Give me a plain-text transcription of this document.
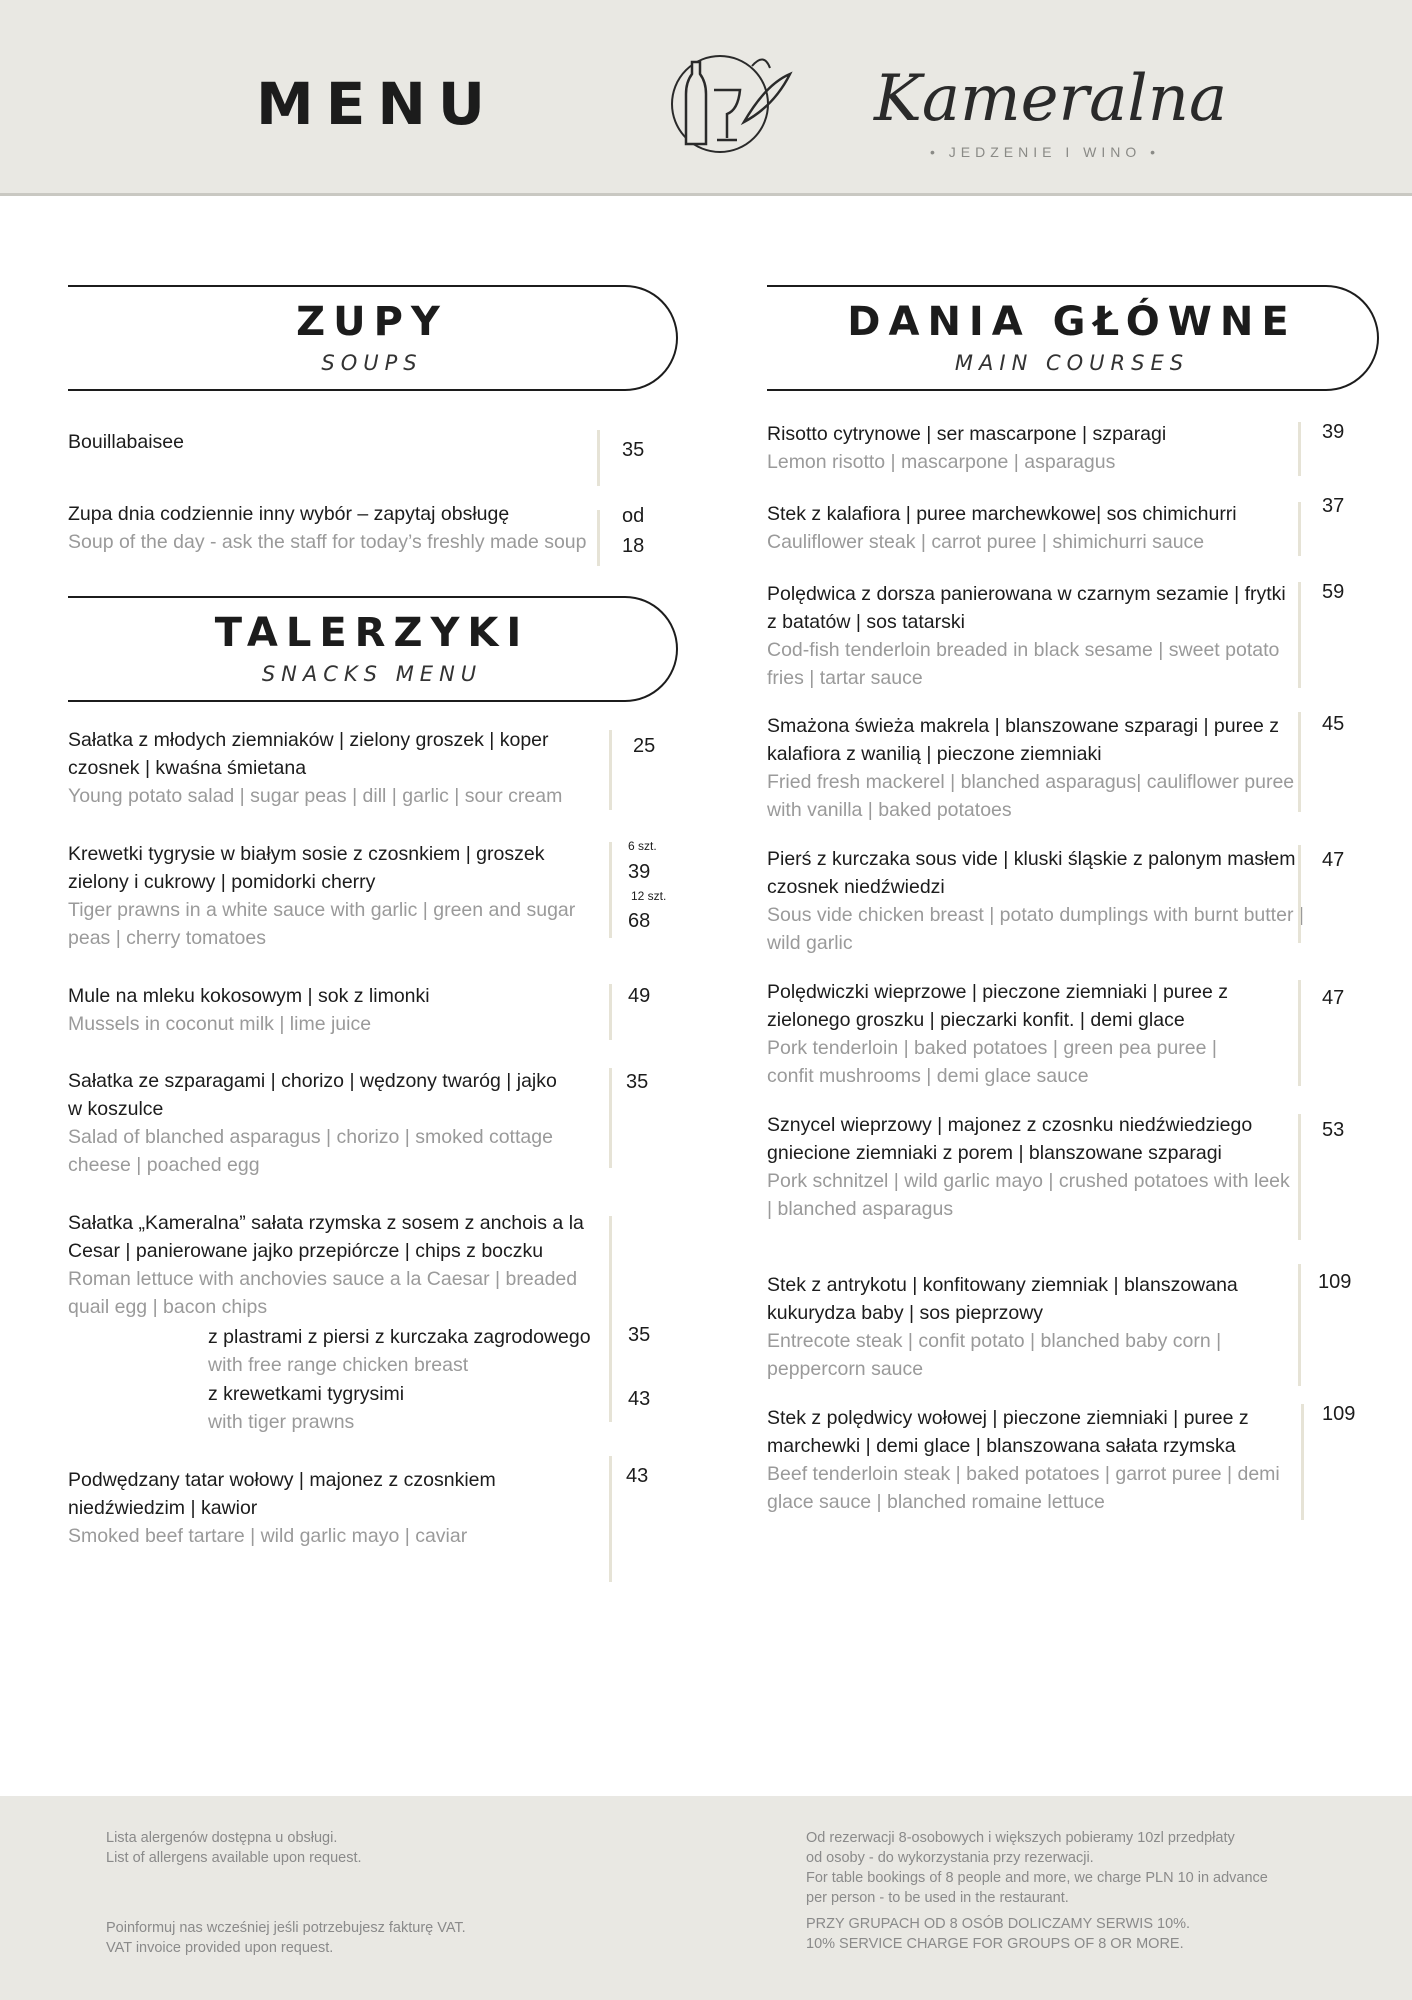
MENU	Kameralna
• JEDZENIE I WINO •
ZUPY
SOUPS
Bouillabaisee	35
Zupa dnia codziennie inny wybór – zapytaj obsługę
Soup of the day - ask the staff for today’s freshly made soup
od
18
TALERZYKI
SNACKS MENU
Sałatka z młodych ziemniaków | zielony groszek | koper czosnek | kwaśna śmietana
Young potato salad | sugar peas | dill | garlic | sour cream
25
Krewetki tygrysie w białym sosie z czosnkiem | groszek zielony i cukrowy | pomidorki cherry
Tiger prawns in a white sauce with garlic | green and sugar peas | cherry tomatoes
6 szt.
39
12 szt.
68
Mule na mleku kokosowym | sok z limonki
Mussels in coconut milk | lime juice
49
Sałatka ze szparagami | chorizo | wędzony twaróg | jajko w koszulce
Salad of blanched asparagus | chorizo | smoked cottage cheese | poached egg
35
Sałatka „Kameralna” sałata rzymska z sosem z anchois a la Cesar | panierowane jajko przepiórcze | chips z boczku
Roman lettuce with anchovies sauce a la Caesar | breaded quail egg | bacon chips
z plastrami z piersi z kurczaka zagrodowego
with free range chicken breast
z krewetkami tygrysimi
with tiger prawns
35
43
Podwędzany tatar wołowy | majonez z czosnkiem niedźwiedzim | kawior
Smoked beef tartare | wild garlic mayo | caviar
43
DANIA GŁÓWNE
MAIN COURSES
Risotto cytrynowe | ser mascarpone | szparagi
Lemon risotto | mascarpone | asparagus
39
Stek z kalafiora | puree marchewkowe| sos chimichurri
Cauliflower steak | carrot puree | shimichurri sauce
37
Polędwica z dorsza panierowana w czarnym sezamie | frytki z batatów | sos tatarski
Cod-fish tenderloin breaded in black sesame | sweet potato fries | tartar sauce
59
Smażona świeża makrela | blanszowane szparagi | puree z kalafiora z wanilią | pieczone ziemniaki
Fried fresh mackerel | blanched asparagus| cauliflower puree with vanilla | baked potatoes
45
Pierś z kurczaka sous vide | kluski śląskie z palonym masłem czosnek niedźwiedzi
Sous vide chicken breast | potato dumplings with burnt butter | wild garlic
47
Polędwiczki wieprzowe | pieczone ziemniaki | puree z zielonego groszku | pieczarki konfit. | demi glace
Pork tenderloin | baked potatoes | green pea puree | confit mushrooms | demi glace sauce
47
Sznycel wieprzowy | majonez z czosnku niedźwiedziego gniecione ziemniaki z porem | blanszowane szparagi
Pork schnitzel | wild garlic mayo | crushed potatoes with leek | blanched asparagus
53
Stek z antrykotu | konfitowany ziemniak | blanszowana kukurydza baby | sos pieprzowy
Entrecote steak | confit potato | blanched baby corn | peppercorn sauce
109
Stek z polędwicy wołowej | pieczone ziemniaki | puree z marchewki | demi glace | blanszowana sałata rzymska
Beef tenderloin steak | baked potatoes | garrot puree | demi glace sauce | blanched romaine lettuce
109
Lista alergenów dostępna u obsługi.
List of allergens available upon request.
Poinformuj nas wcześniej jeśli potrzebujesz fakturę VAT.
VAT invoice provided upon request.
Od rezerwacji 8-osobowych i większych pobieramy 10zl przedpłaty
od osoby - do wykorzystania przy rezerwacji.
For table bookings of 8 people and more, we charge PLN 10 in advance
per person - to be used in the restaurant.
PRZY GRUPACH OD 8 OSÓB DOLICZAMY SERWIS 10%.
10% SERVICE CHARGE FOR GROUPS OF 8 OR MORE.
